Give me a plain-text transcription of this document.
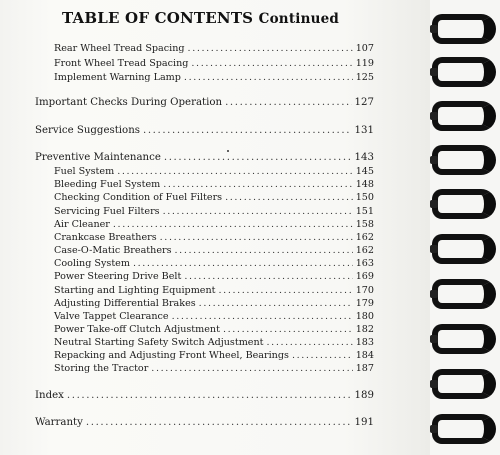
TABLE OF CONTENTS Continued
Rear Wheel Tread Spacing .....	107
Front Wheel Tread Spacing .....	119
Implement Warning Lamp .....	125
Important Checks During Operation .....	127
Service Suggestions .....	131
Preventive Maintenance .....	143
Fuel System .....	145
Bleeding Fuel System .....	148
Checking Condition of Fuel Filters .....	150
Servicing Fuel Filters .....	151
Air Cleaner .....	158
Crankcase Breathers .....	162
Case-O-Matic Breathers .....	162
Cooling System .....	163
Power Steering Drive Belt .....	169
Starting and Lighting Equipment .....	170
Adjusting Differential Brakes .....	179
Valve Tappet Clearance .....	180
Power Take-off Clutch Adjustment .....	182
Neutral Starting Safety Switch Adjustment .....	183
Repacking and Adjusting Front Wheel, Bearings .....	184
Storing the Tractor .....	187
Index .....	189
Warranty .....	191
